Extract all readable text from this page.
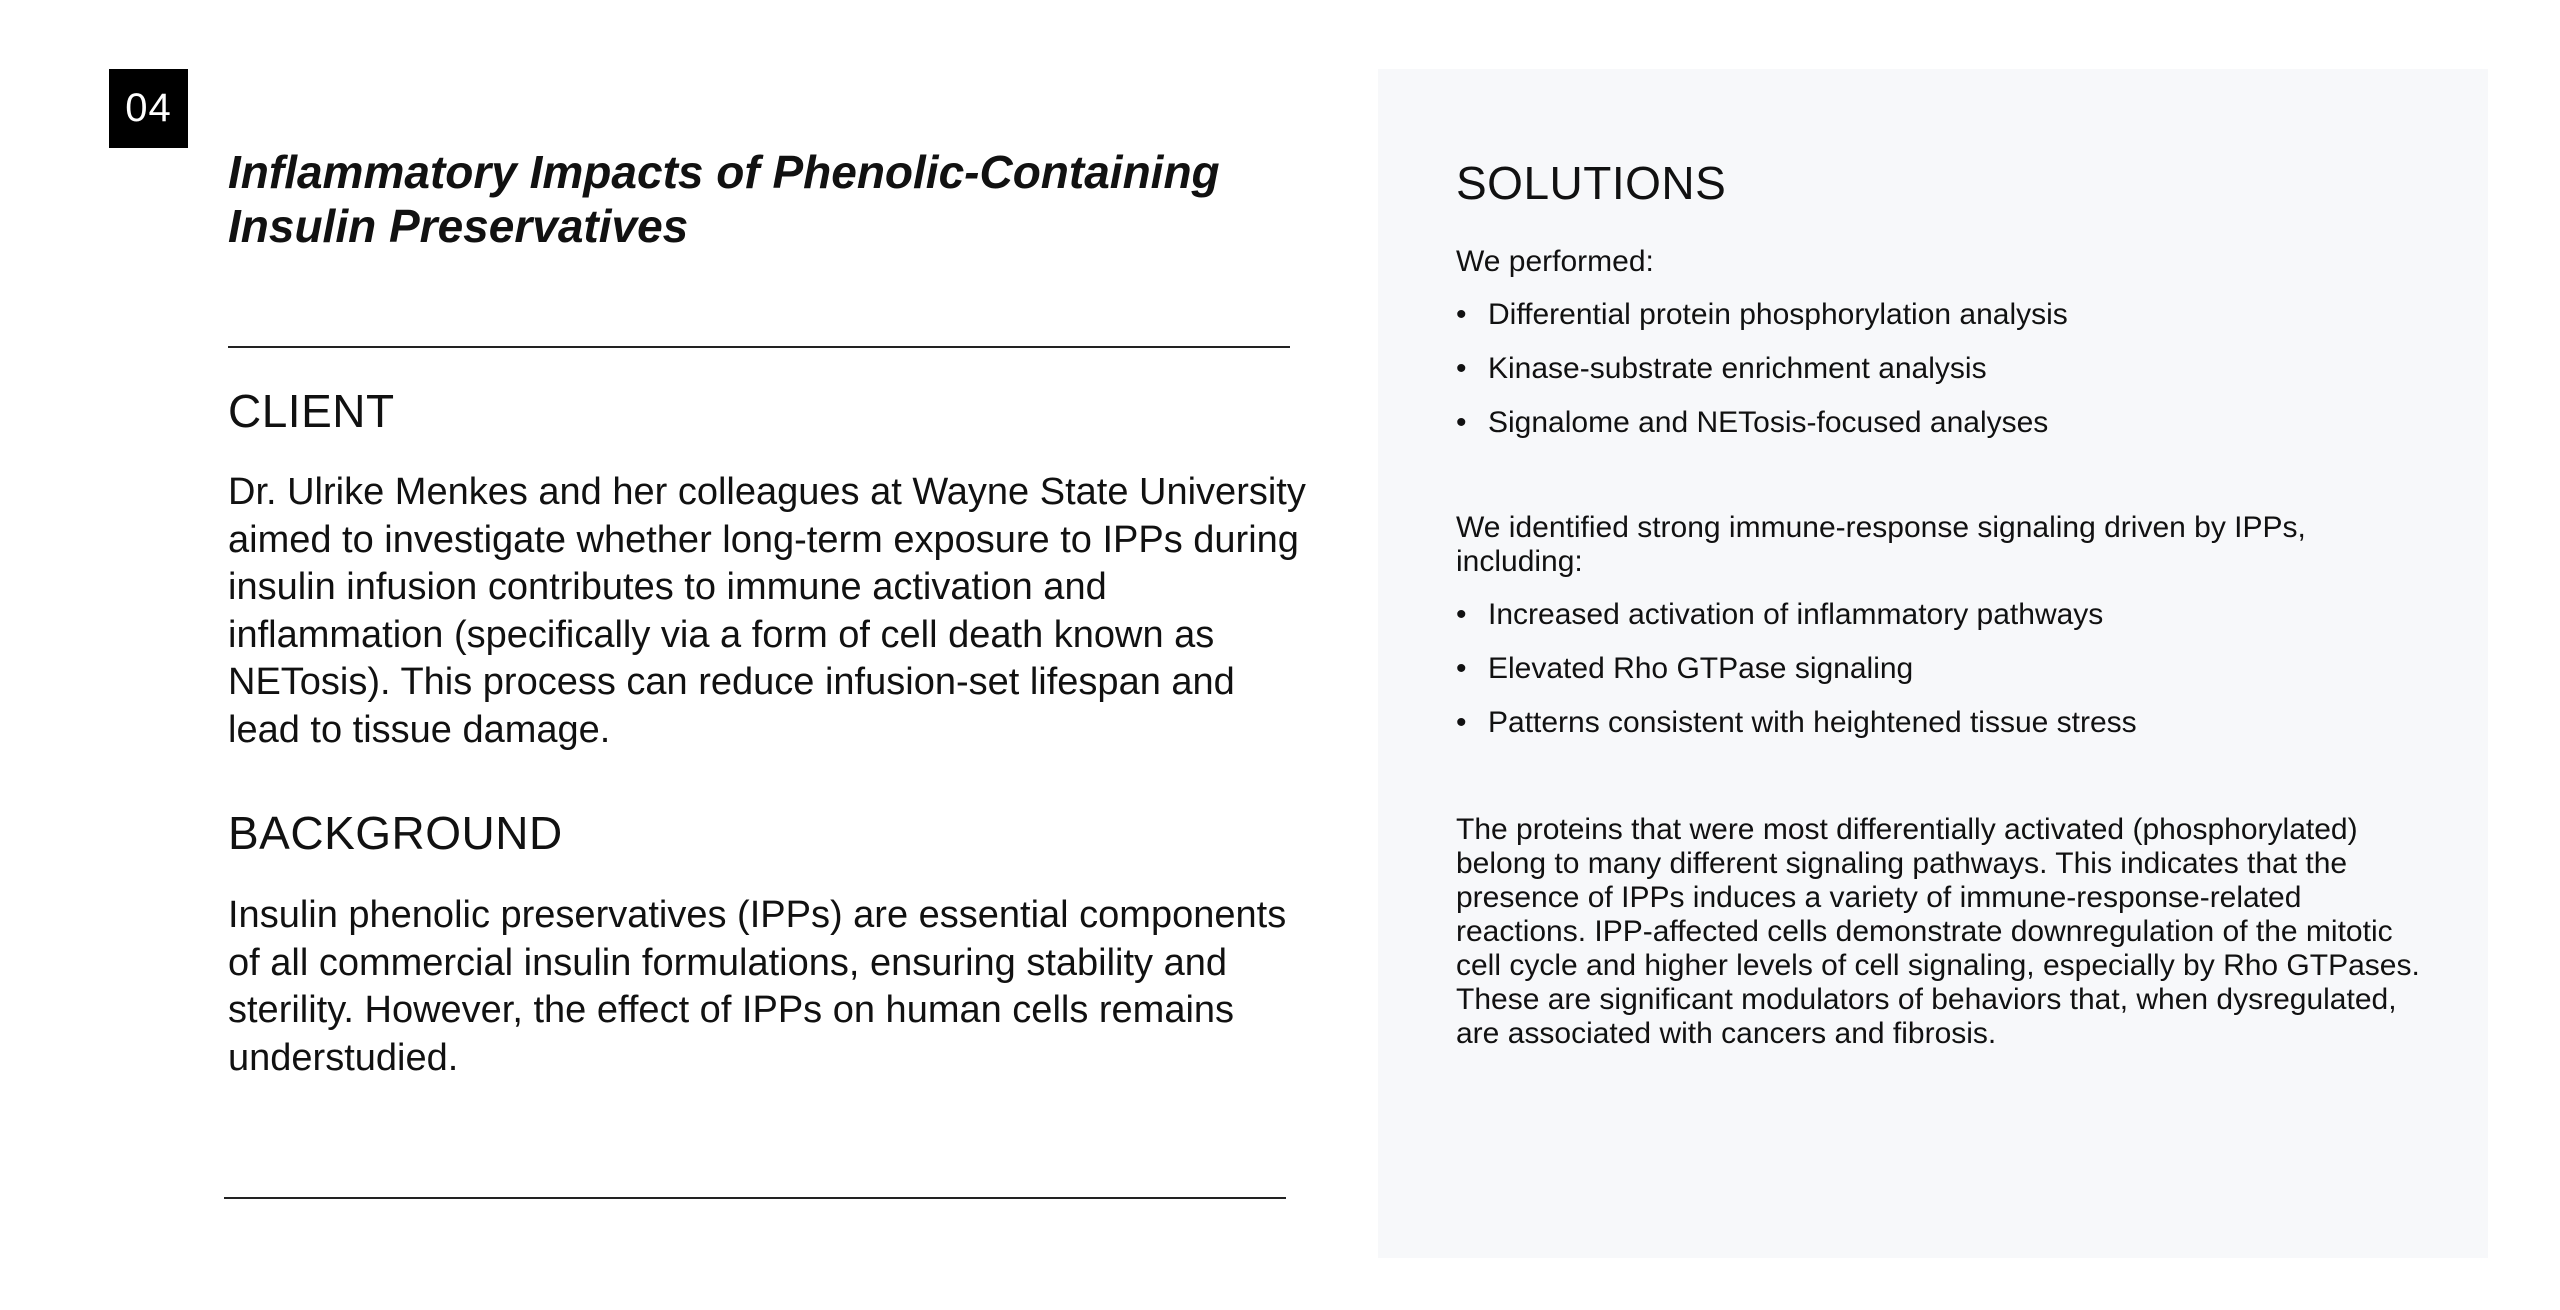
04
Inflammatory Impacts of Phenolic-Containing Insulin Preservatives
CLIENT

Dr. Ulrike Menkes and her colleagues at Wayne State University aimed to investigate whether long-term exposure to IPPs during insulin infusion contributes to immune activation and inflammation (specifically via a form of cell death known as NETosis). This process can reduce infusion-set lifespan and lead to tissue damage.

BACKGROUND

Insulin phenolic preservatives (IPPs) are essential components of all commercial insulin formulations, ensuring stability and sterility. However, the effect of IPPs on human cells remains understudied.

SOLUTIONS

We performed:

• Differential protein phosphorylation analysis
• Kinase-substrate enrichment analysis
• Signalome and NETosis-focused analyses

We identified strong immune-response signaling driven by IPPs, including:

• Increased activation of inflammatory pathways
• Elevated Rho GTPase signaling
• Patterns consistent with heightened tissue stress

The proteins that were most differentially activated (phosphorylated) belong to many different signaling pathways. This indicates that the presence of IPPs induces a variety of immune-response-related reactions. IPP-affected cells demonstrate downregulation of the mitotic cell cycle and higher levels of cell signaling, especially by Rho GTPases. These are significant modulators of behaviors that, when dysregulated, are associated with cancers and fibrosis.
